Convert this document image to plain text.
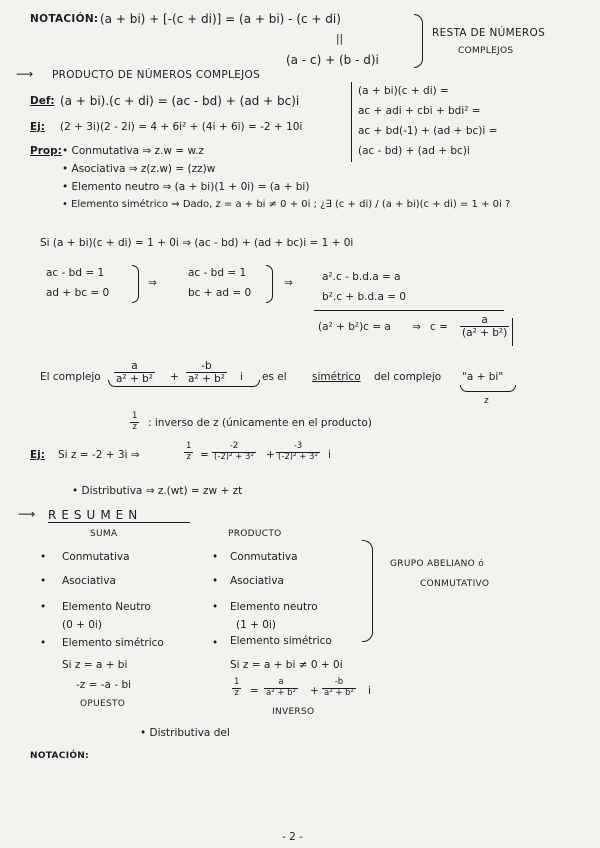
NOTACIÓN: (a + bi) + [-(c + di)] = (a + bi) - (c + di)
||
(a - c) + (b - d)i
RESTA DE NÚMEROS
COMPLEJOS
⟶ PRODUCTO DE NÚMEROS COMPLEJOS
Def: (a + bi).(c + di) = (ac - bd) + (ad + bc)i
Ej: (2 + 3i)(2 - 2i) = 4 + 6i² + (4i + 6i) = -2 + 10i
(a + bi)(c + di) =
ac + adi + cbi + bdi² =
ac + bd(-1) + (ad + bc)i =
(ac - bd) + (ad + bc)i
Prop: • Conmutativa ⇒ z.w = w.z
• Asociativa ⇒ z(z.w) = (zz)w
• Elemento neutro ⇒ (a + bi)(1 + 0i) = (a + bi)
• Elemento simétrico ⇒ Dado, z = a + bi ≠ 0 + 0i ; ¿∃ (c + di) / (a + bi)(c + di) = 1 + 0i ?
Si (a + bi)(c + di) = 1 + 0i ⇒ (ac - bd) + (ad + bc)i = 1 + 0i
ac - bd = 1
ad + bc = 0
⇒
ac - bd = 1
bc + ad = 0
⇒	a².c - b.d.a = a
b².c + b.d.a = 0
(a² + b²)c = a ⇒ c =
a
(a² + b²)
El complejo
a
a² + b² +
-b
a² + b² i es el simétrico del complejo "a + bi"
z
1
z : inverso de z (únicamente en el producto)
Ej: Si z = -2 + 3i ⇒
1
z =
-2
(-2)² + 3² +
-3
(-2)² + 3² i
• Distributiva ⇒ z.(wt) = zw + zt
⟶ RESUMEN
SUMA	PRODUCTO
• Conmutativa
• Asociativa
• Elemento Neutro
(0 + 0i)
• Elemento simétrico
• Conmutativa
• Asociativa
• Elemento neutro
(1 + 0i)
• Elemento simétrico
GRUPO ABELIANO ó
CONMUTATIVO
Si z = a + bi
-z = -a - bi
OPUESTO
Si z = a + bi ≠ 0 + 0i
1
z =
a
a² + b² +
-b
a² + b² i
INVERSO
• Distributiva del
NOTACIÓN:
- 2 -
